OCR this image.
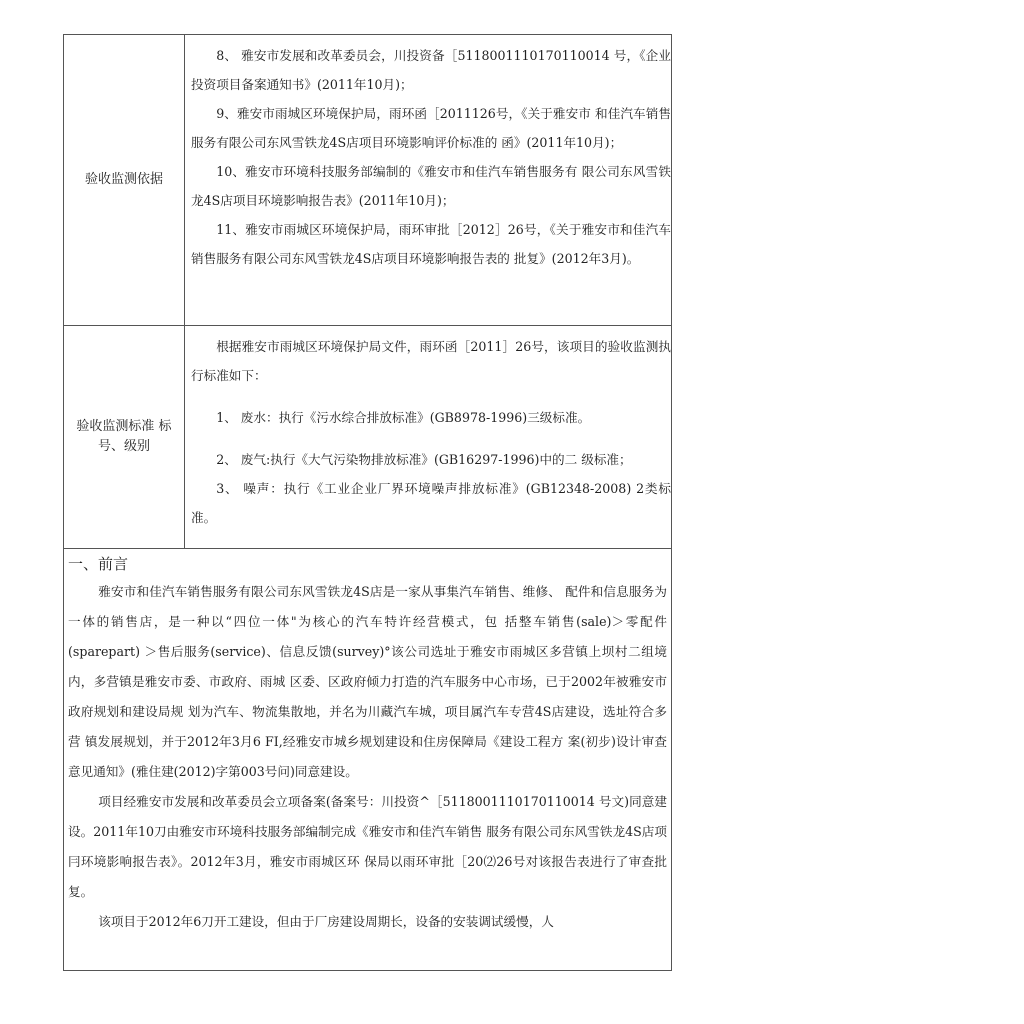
验收监测依据

8、 雅安市发展和改革委员会，川投资备［5118001110170110014 号，《企业投资项目备案通知书》(2011年10月)；

9、雅安市雨城区环境保护局，雨环函［2011126号，《关于雅安市 和佳汽车销售服务有限公司东风雪铁龙4S店项目环境影响评价标准的 函》(2011年10月)；

10、雅安市环境科技服务部编制的《雅安市和佳汽车销售服务有 限公司东风雪铁龙4S店项目环境影响报告表》(2011年10月)；

11、雅安市雨城区环境保护局，雨环审批［2012］26号，《关于雅安市和佳汽车销售服务有限公司东风雪铁龙4S店项目环境影响报告表的 批复》(2012年3月)。

验收监测标准 标号、级别

根据雅安市雨城区环境保护局文件，雨环函［2011］26号，该项目的验收监测执行标准如下：

1、 废水：执行《污水综合排放标准》(GB8978-1996)三级标准。

2、 废气:执行《大气污染物排放标准》(GB16297-1996)中的二 级标准；

3、 噪声：执行《工业企业厂界环境噪声排放标准》(GB12348-2008) 2类标准。

一、前言

雅安市和佳汽车销售服务有限公司东风雪铁龙4S店是一家从事集汽车销售、维修、 配件和信息服务为一体的销售店，是一种以“四位一体"为核心的汽车特许经营模式，包 括整车销售(sale)＞零配件(sparepart) ＞售后服务(service)、信息反馈(survey)°该公司选址于雅安市雨城区多营镇上坝村二组境内，多营镇是雅安市委、市政府、雨城 区委、区政府倾力打造的汽车服务中心市场，已于2002年被雅安市政府规划和建设局规 划为汽车、物流集散地，并名为川藏汽车城，项目属汽车专营4S店建设，选址符合多营 镇发展规划，并于2012年3月6 FI,经雅安市城乡规划建设和住房保障局《建设工程方 案(初步)设计审查意见通知》(雅住建(2012)字第003号问)同意建设。

项目经雅安市发展和改革委员会立项备案(备案号：川投资^［5118001110170110014 号文)同意建设。2011年10刀由雅安市环境科技服务部编制完成《雅安市和佳汽车销售 服务有限公司东风雪铁龙4S店项冃环境影响报告表》。2012年3月，雅安市雨城区环 保局以雨环审批［20⑵26号对该报告表进行了审查批复。

该项目于2012年6刀开工建设，但由于厂房建设周期长，设备的安装调试缓慢，人
